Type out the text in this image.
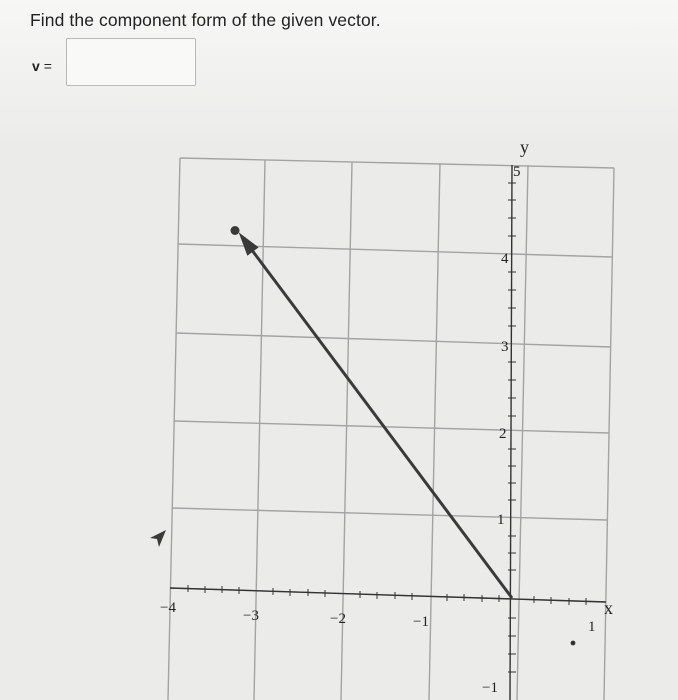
Find the component form of the given vector.
v =
−4	−3	−2	−1	1
5
4
3
2
1
−1
y
x
